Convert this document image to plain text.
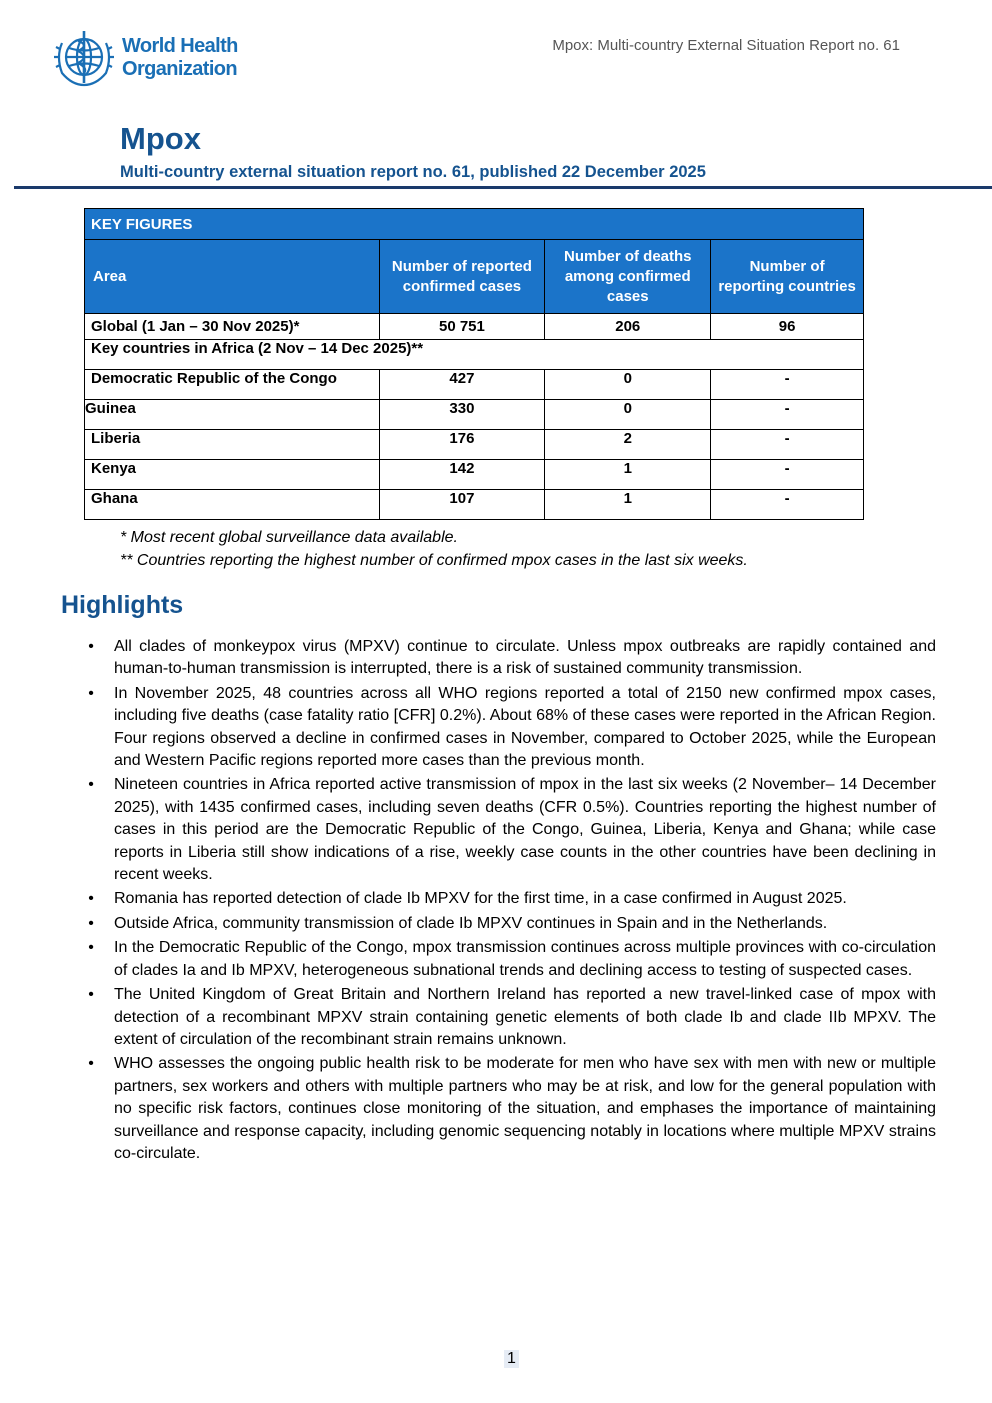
World Health
Organization
Mpox: Multi-country External Situation Report no. 61
Mpox
Multi-country external situation report no. 61, published 22 December 2025
KEY FIGURES			
Area	Number of reported confirmed cases	Number of deaths among confirmed cases	Number of reporting countries
Global (1 Jan – 30 Nov 2025)*	50 751	206	96
Key countries in Africa (2 Nov – 14 Dec 2025)**			
Democratic Republic of the Congo	427	0	-
Guinea	330	0	-
Liberia	176	2	-
Kenya	142	1	-
Ghana	107	1	-
* Most recent global surveillance data available.
** Countries reporting the highest number of confirmed mpox cases in the last six weeks.
Highlights
• All clades of monkeypox virus (MPXV) continue to circulate. Unless mpox outbreaks are rapidly contained and human-to-human transmission is interrupted, there is a risk of sustained community transmission.
• In November 2025, 48 countries across all WHO regions reported a total of 2150 new confirmed mpox cases, including five deaths (case fatality ratio [CFR] 0.2%). About 68% of these cases were reported in the African Region. Four regions observed a decline in confirmed cases in November, compared to October 2025, while the European and Western Pacific regions reported more cases than the previous month.
• Nineteen countries in Africa reported active transmission of mpox in the last six weeks (2 November– 14 December 2025), with 1435 confirmed cases, including seven deaths (CFR 0.5%). Countries reporting the highest number of cases in this period are the Democratic Republic of the Congo, Guinea, Liberia, Kenya and Ghana; while case reports in Liberia still show indications of a rise, weekly case counts in the other countries have been declining in recent weeks.
• Romania has reported detection of clade Ib MPXV for the first time, in a case confirmed in August 2025.
• Outside Africa, community transmission of clade Ib MPXV continues in Spain and in the Netherlands.
• In the Democratic Republic of the Congo, mpox transmission continues across multiple provinces with co-circulation of clades Ia and Ib MPXV, heterogeneous subnational trends and declining access to testing of suspected cases.
• The United Kingdom of Great Britain and Northern Ireland has reported a new travel-linked case of mpox with detection of a recombinant MPXV strain containing genetic elements of both clade Ib and clade IIb MPXV. The extent of circulation of the recombinant strain remains unknown.
• WHO assesses the ongoing public health risk to be moderate for men who have sex with men with new or multiple partners, sex workers and others with multiple partners who may be at risk, and low for the general population with no specific risk factors, continues close monitoring of the situation, and emphases the importance of maintaining surveillance and response capacity, including genomic sequencing notably in locations where multiple MPXV strains co-circulate.
1
